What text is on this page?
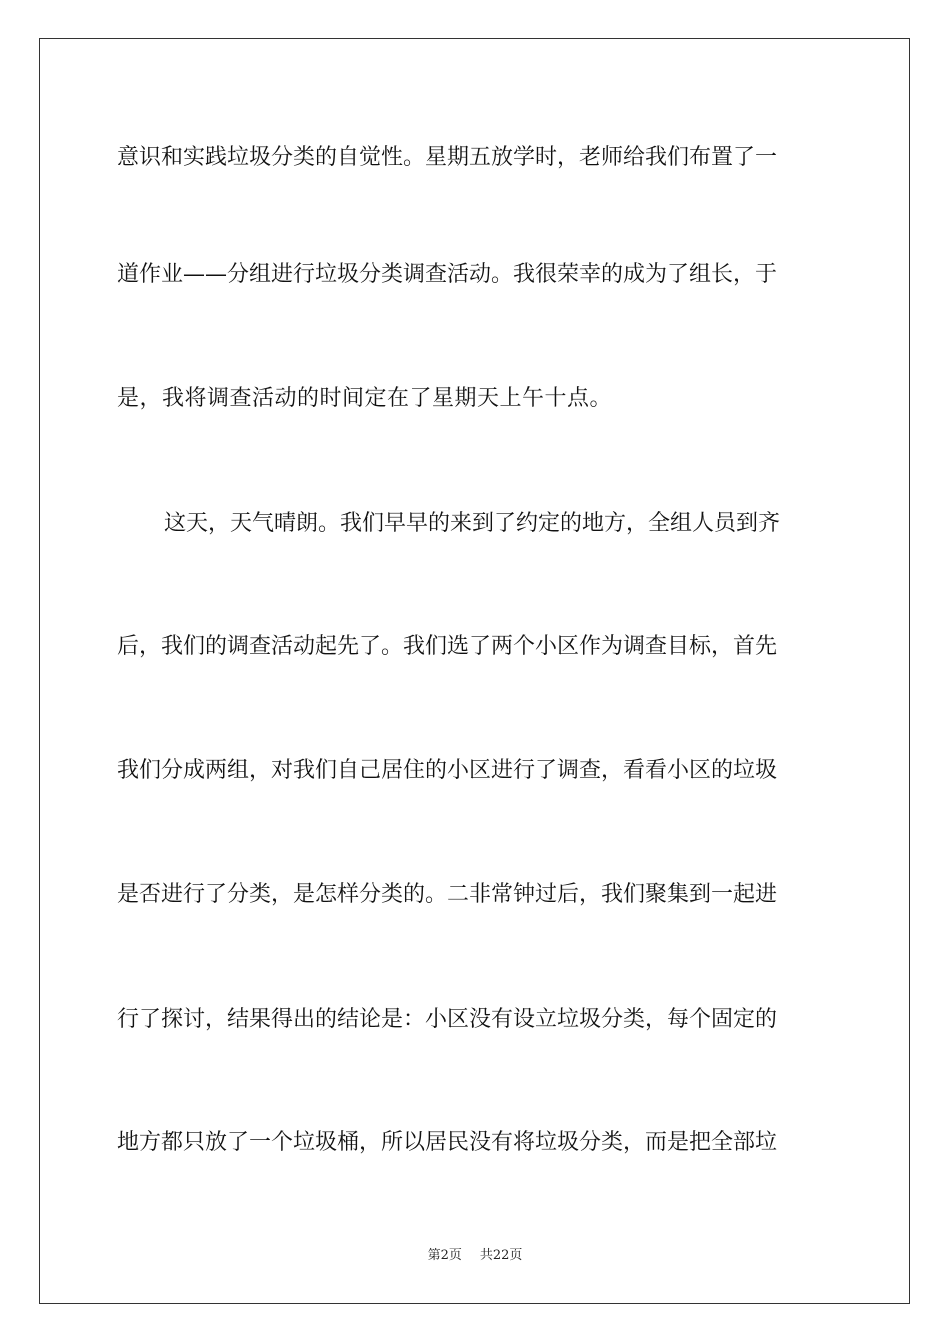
意识和实践垃圾分类的自觉性。星期五放学时，老师给我们布置了一
道作业——分组进行垃圾分类调查活动。我很荣幸的成为了组长，于
是，我将调查活动的时间定在了星期天上午十点。
这天，天气晴朗。我们早早的来到了约定的地方，全组人员到齐
后，我们的调查活动起先了。我们选了两个小区作为调查目标，首先
我们分成两组，对我们自己居住的小区进行了调查，看看小区的垃圾
是否进行了分类，是怎样分类的。二非常钟过后，我们聚集到一起进
行了探讨，结果得出的结论是：小区没有设立垃圾分类，每个固定的
地方都只放了一个垃圾桶，所以居民没有将垃圾分类，而是把全部垃
第2页 共22页
